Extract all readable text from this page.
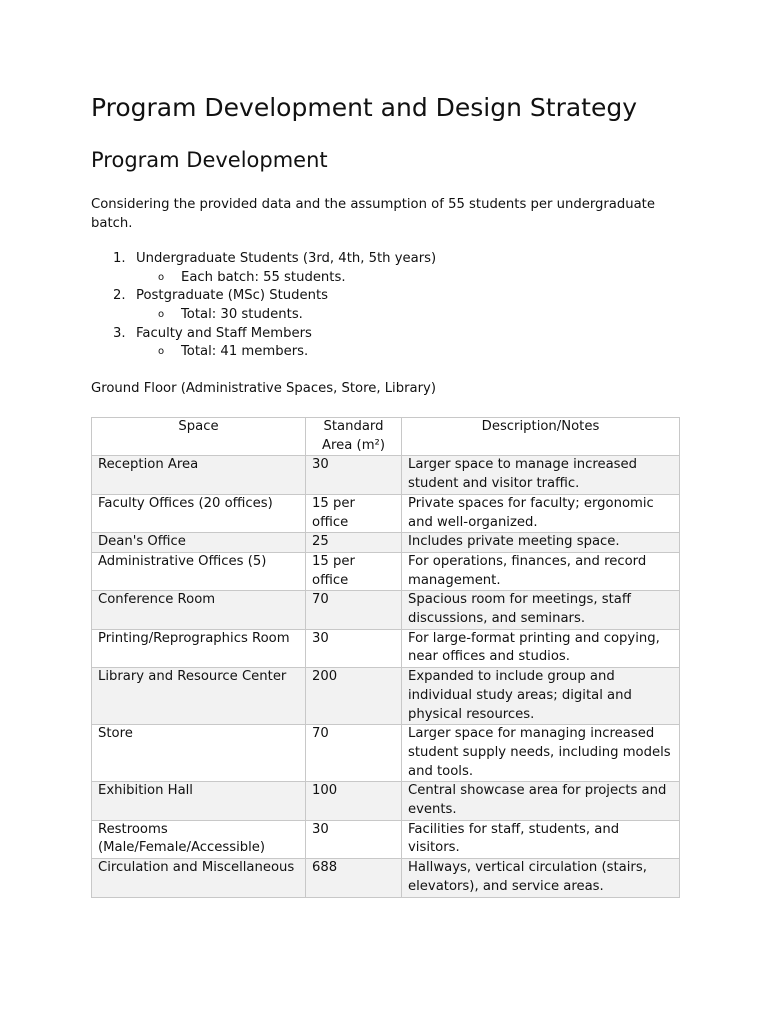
Program Development and Design Strategy
Program Development

Considering the provided data and the assumption of 55 students per undergraduate batch.

1. Undergraduate Students (3rd, 4th, 5th years)
o Each batch: 55 students.
2. Postgraduate (MSc) Students
o Total: 30 students.
3. Faculty and Staff Members
o Total: 41 members.

Ground Floor (Administrative Spaces, Store, Library)

Space	Standard Area (m²)	Description/Notes
Reception Area	30	Larger space to manage increased student and visitor traffic.
Faculty Offices (20 offices)	15 per office	Private spaces for faculty; ergonomic and well-organized.
Dean's Office	25	Includes private meeting space.
Administrative Offices (5)	15 per office	For operations, finances, and record management.
Conference Room	70	Spacious room for meetings, staff discussions, and seminars.
Printing/Reprographics Room	30	For large-format printing and copying, near offices and studios.
Library and Resource Center	200	Expanded to include group and individual study areas; digital and physical resources.
Store	70	Larger space for managing increased student supply needs, including models and tools.
Exhibition Hall	100	Central showcase area for projects and events.
Restrooms (Male/Female/Accessible)	30	Facilities for staff, students, and visitors.
Circulation and Miscellaneous	688	Hallways, vertical circulation (stairs, elevators), and service areas.
